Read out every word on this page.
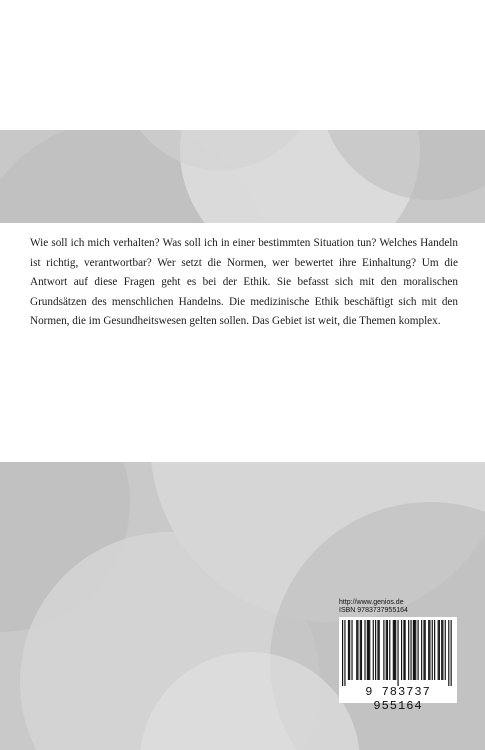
Wie soll ich mich verhalten? Was soll ich in einer bestimmten Situation tun? Welches Handeln ist richtig, verantwortbar? Wer setzt die Normen, wer bewertet ihre Einhaltung? Um die Antwort auf diese Fragen geht es bei der Ethik. Sie befasst sich mit den moralischen Grundsätzen des menschlichen Handelns. Die medizinische Ethik beschäftigt sich mit den Normen, die im Gesundheitswesen gelten sollen. Das Gebiet ist weit, die Themen komplex.

http://www.genios.de
ISBN 9783737955164
9 783737 955164
